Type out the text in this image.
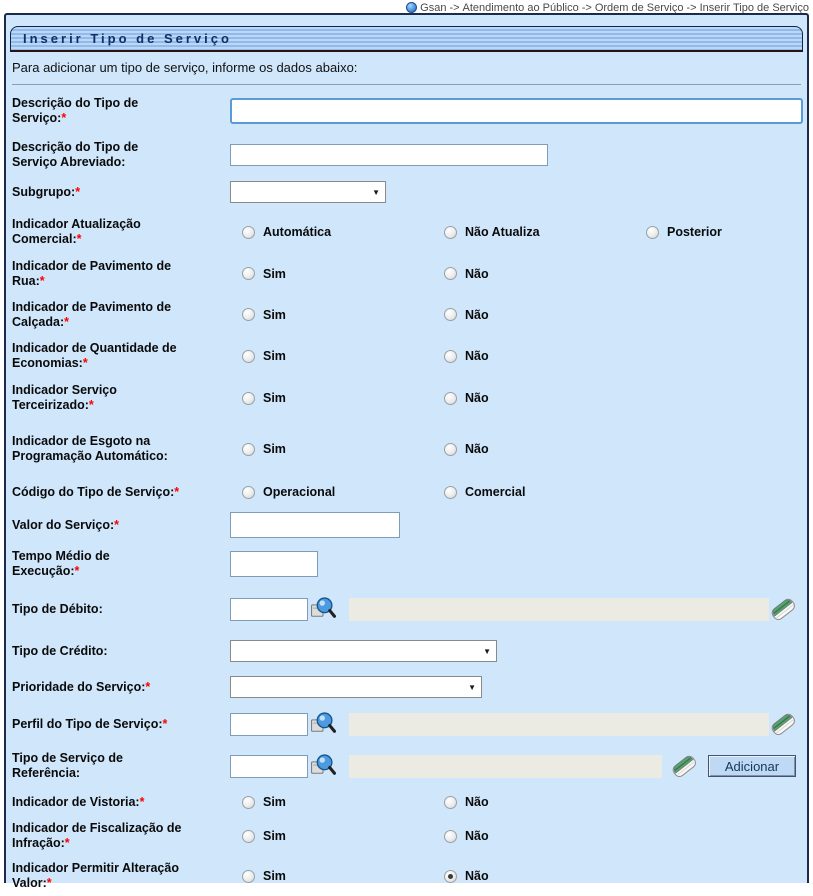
Gsan -> Atendimento ao Público -> Ordem de Serviço -> Inserir Tipo de Serviço
Inserir Tipo de Serviço
Para adicionar um tipo de serviço, informe os dados abaixo:
Descrição do Tipo de
Serviço:*
Descrição do Tipo de
Serviço Abreviado:
Subgrupo:*	▼
Indicador Atualização
Comercial:*	Automática	Não Atualiza	Posterior
Indicador de Pavimento de
Rua:*	Sim	Não
Indicador de Pavimento de
Calçada:*	Sim	Não
Indicador de Quantidade de
Economias:*	Sim	Não
Indicador Serviço
Terceirizado:*	Sim	Não
Indicador de Esgoto na
Programação Automático:	Sim	Não
Código do Tipo de Serviço:*	Operacional	Comercial
Valor do Serviço:*
Tempo Médio de
Execução:*
Tipo de Débito:
Tipo de Crédito:	▼
Prioridade do Serviço:*	▼
Perfil do Tipo de Serviço:*
Tipo de Serviço de
Referência:	Adicionar
Indicador de Vistoria:*	Sim	Não
Indicador de Fiscalização de
Infração:*	Sim	Não
Indicador Permitir Alteração
Valor:*	Sim	Não
